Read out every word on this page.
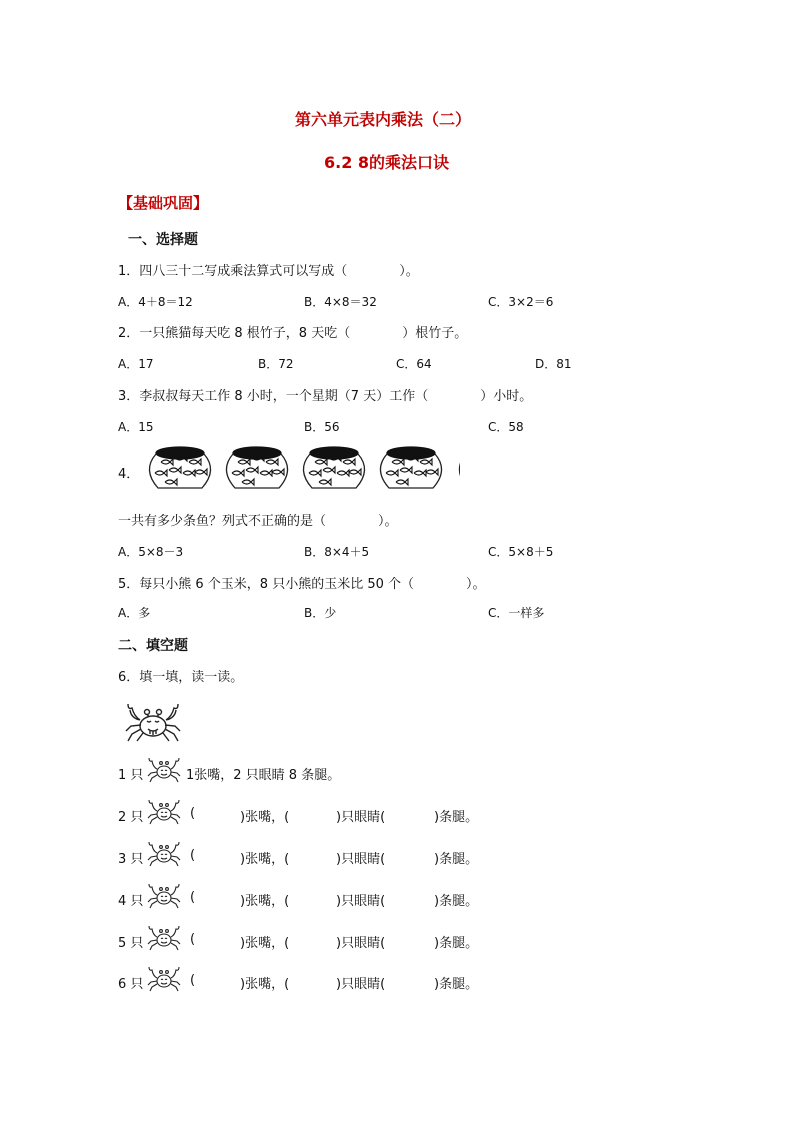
第六单元表内乘法（二）
6.2 8的乘法口诀
【基础巩固】
一、选择题
1．四八三十二写成乘法算式可以写成（　　　　）。
A．4＋8＝12	B．4×8＝32	C．3×2＝6
2．一只熊猫每天吃 8 根竹子，8 天吃（　　　　）根竹子。
A．17	B．72	C．64	D．81
3．李叔叔每天工作 8 小时，一个星期（7 天）工作（　　　　）小时。
A．15	B．56	C．58
4．
一共有多少条鱼？列式不正确的是（　　　　）。
A．5×8－3	B．8×4＋5	C．5×8＋5
5．每只小熊 6 个玉米，8 只小熊的玉米比 50 个（　　　　）。
A．多	B．少	C．一样多
二、填空题
6．填一填，读一读。
1 只	1张嘴，2 只眼睛 8 条腿。
2 只	(	)张嘴，(	)只眼睛(	)条腿。
3 只	(	)张嘴，(	)只眼睛(	)条腿。
4 只	(	)张嘴，(	)只眼睛(	)条腿。
5 只	(	)张嘴，(	)只眼睛(	)条腿。
6 只	(	)张嘴，(	)只眼睛(	)条腿。
